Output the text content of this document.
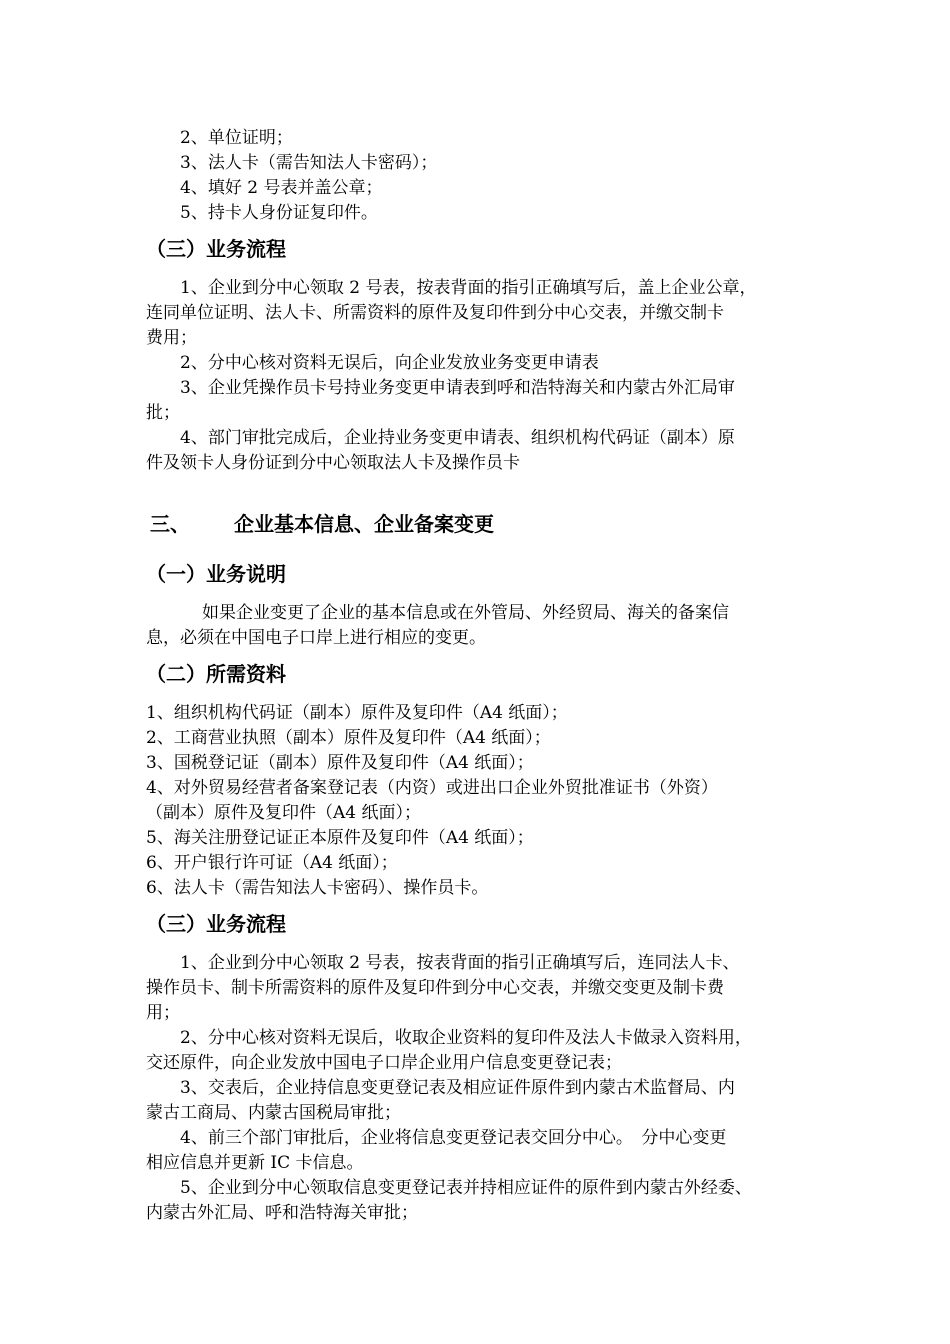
2、单位证明；
3、法人卡（需告知法人卡密码）；
4、填好 2 号表并盖公章；
5、持卡人身份证复印件。
（三）业务流程
1、企业到分中心领取 2 号表，按表背面的指引正确填写后，盖上企业公章，
连同单位证明、法人卡、所需资料的原件及复印件到分中心交表，并缴交制卡
费用；
2、分中心核对资料无误后，向企业发放业务变更申请表
3、企业凭操作员卡号持业务变更申请表到呼和浩特海关和内蒙古外汇局审
批；
4、部门审批完成后，企业持业务变更申请表、组织机构代码证（副本）原
件及领卡人身份证到分中心领取法人卡及操作员卡
三、 企业基本信息、企业备案变更
（一）业务说明
如果企业变更了企业的基本信息或在外管局、外经贸局、海关的备案信
息，必须在中国电子口岸上进行相应的变更。
（二）所需资料
1、组织机构代码证（副本）原件及复印件（A4 纸面）；
2、工商营业执照（副本）原件及复印件（A4 纸面）；
3、国税登记证（副本）原件及复印件（A4 纸面）；
4、对外贸易经营者备案登记表（内资）或进出口企业外贸批准证书（外资）
（副本）原件及复印件（A4 纸面）；
5、海关注册登记证正本原件及复印件（A4 纸面）；
6、开户银行许可证（A4 纸面）；
6、法人卡（需告知法人卡密码）、操作员卡。
（三）业务流程
1、企业到分中心领取 2 号表，按表背面的指引正确填写后，连同法人卡、
操作员卡、制卡所需资料的原件及复印件到分中心交表，并缴交变更及制卡费
用；
2、分中心核对资料无误后，收取企业资料的复印件及法人卡做录入资料用，
交还原件，向企业发放中国电子口岸企业用户信息变更登记表；
3、交表后，企业持信息变更登记表及相应证件原件到内蒙古术监督局、内
蒙古工商局、内蒙古国税局审批；
4、前三个部门审批后，企业将信息变更登记表交回分中心。　分中心变更
相应信息并更新 IC 卡信息。
5、企业到分中心领取信息变更登记表并持相应证件的原件到内蒙古外经委、
内蒙古外汇局、呼和浩特海关审批；
